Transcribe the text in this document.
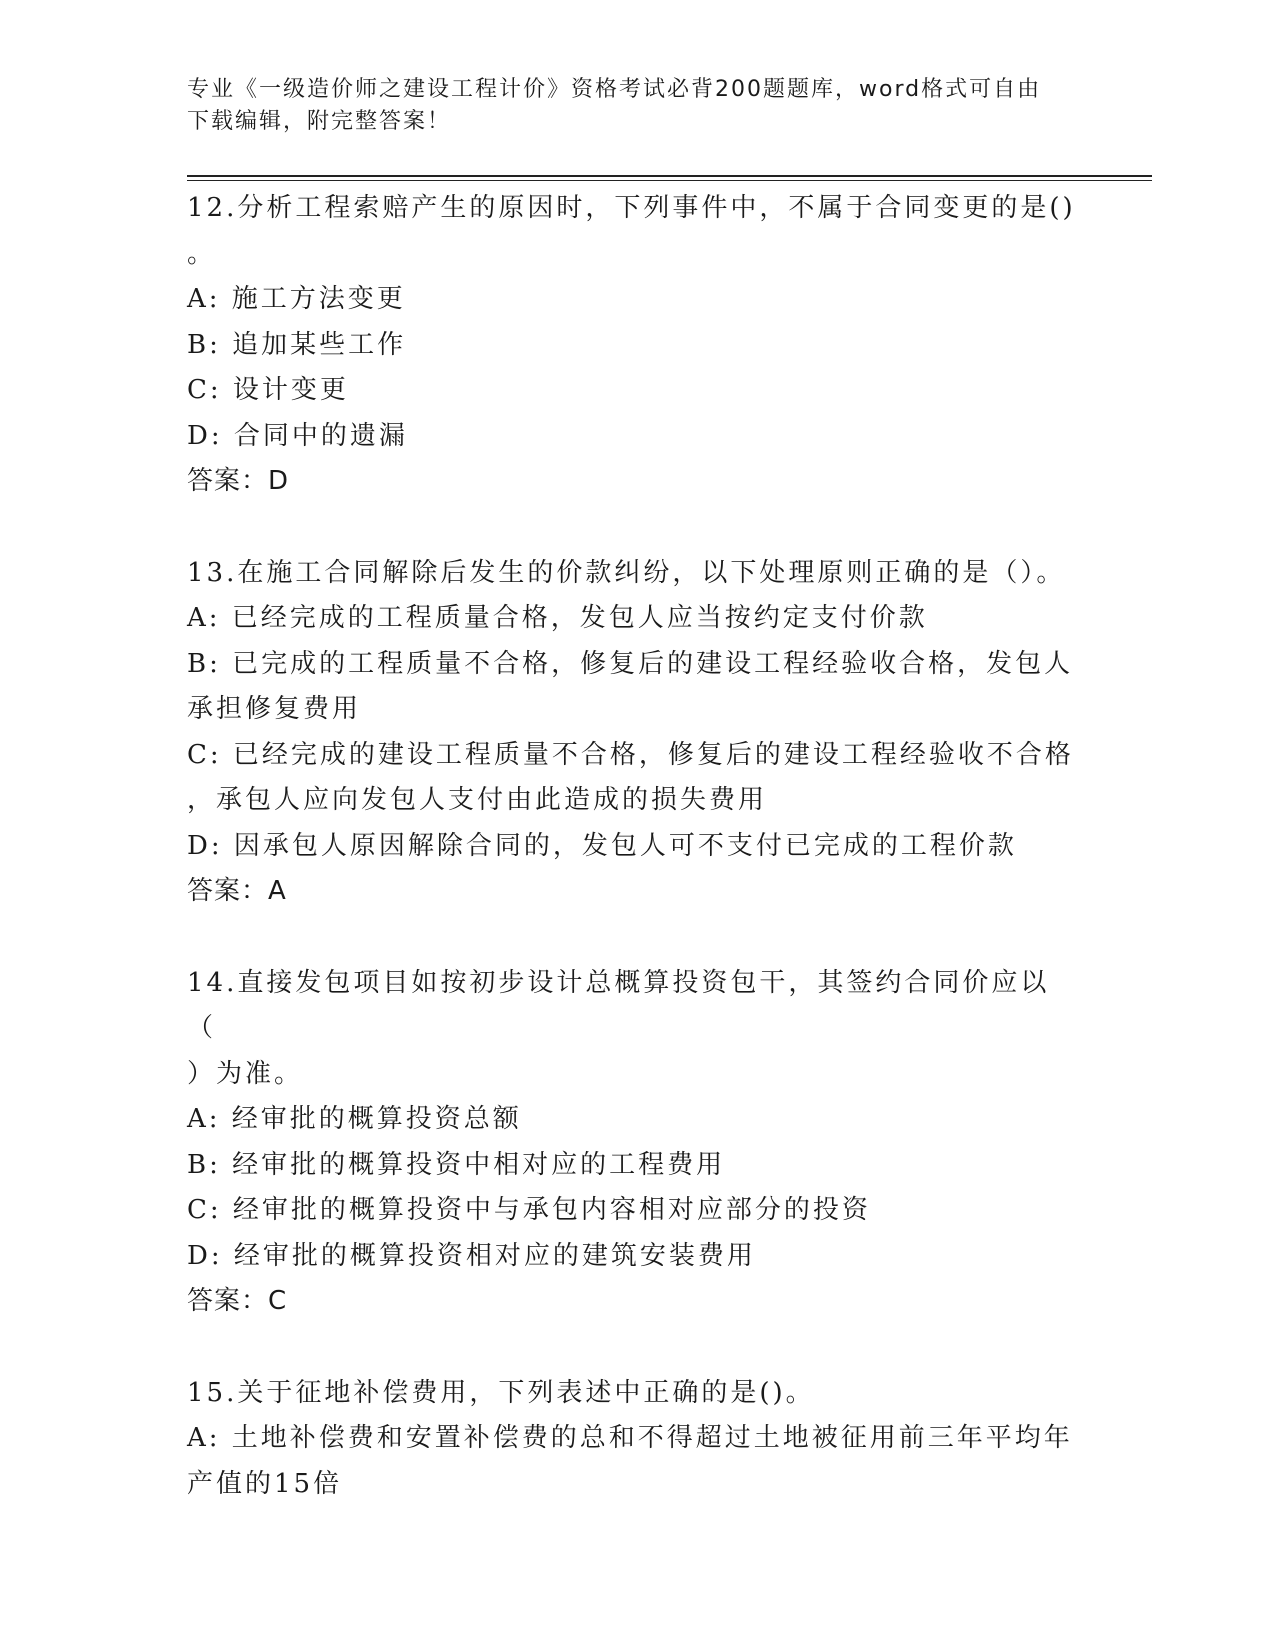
专业《一级造价师之建设工程计价》资格考试必背200题题库，word格式可自由
下载编辑，附完整答案！

12.分析工程索赔产生的原因时，下列事件中，不属于合同变更的是()

。

A: 施工方法变更

B: 追加某些工作

C: 设计变更

D: 合同中的遗漏

答案：D

13.在施工合同解除后发生的价款纠纷，以下处理原则正确的是（）。

A: 已经完成的工程质量合格，发包人应当按约定支付价款

B: 已完成的工程质量不合格，修复后的建设工程经验收合格，发包人

承担修复费用

C: 已经完成的建设工程质量不合格，修复后的建设工程经验收不合格

，承包人应向发包人支付由此造成的损失费用

D: 因承包人原因解除合同的，发包人可不支付已完成的工程价款

答案：A

14.直接发包项目如按初步设计总概算投资包干，其签约合同价应以（

）为准。

A: 经审批的概算投资总额

B: 经审批的概算投资中相对应的工程费用

C: 经审批的概算投资中与承包内容相对应部分的投资

D: 经审批的概算投资相对应的建筑安装费用

答案：C

15.关于征地补偿费用，下列表述中正确的是()。

A: 土地补偿费和安置补偿费的总和不得超过土地被征用前三年平均年

产值的15倍
